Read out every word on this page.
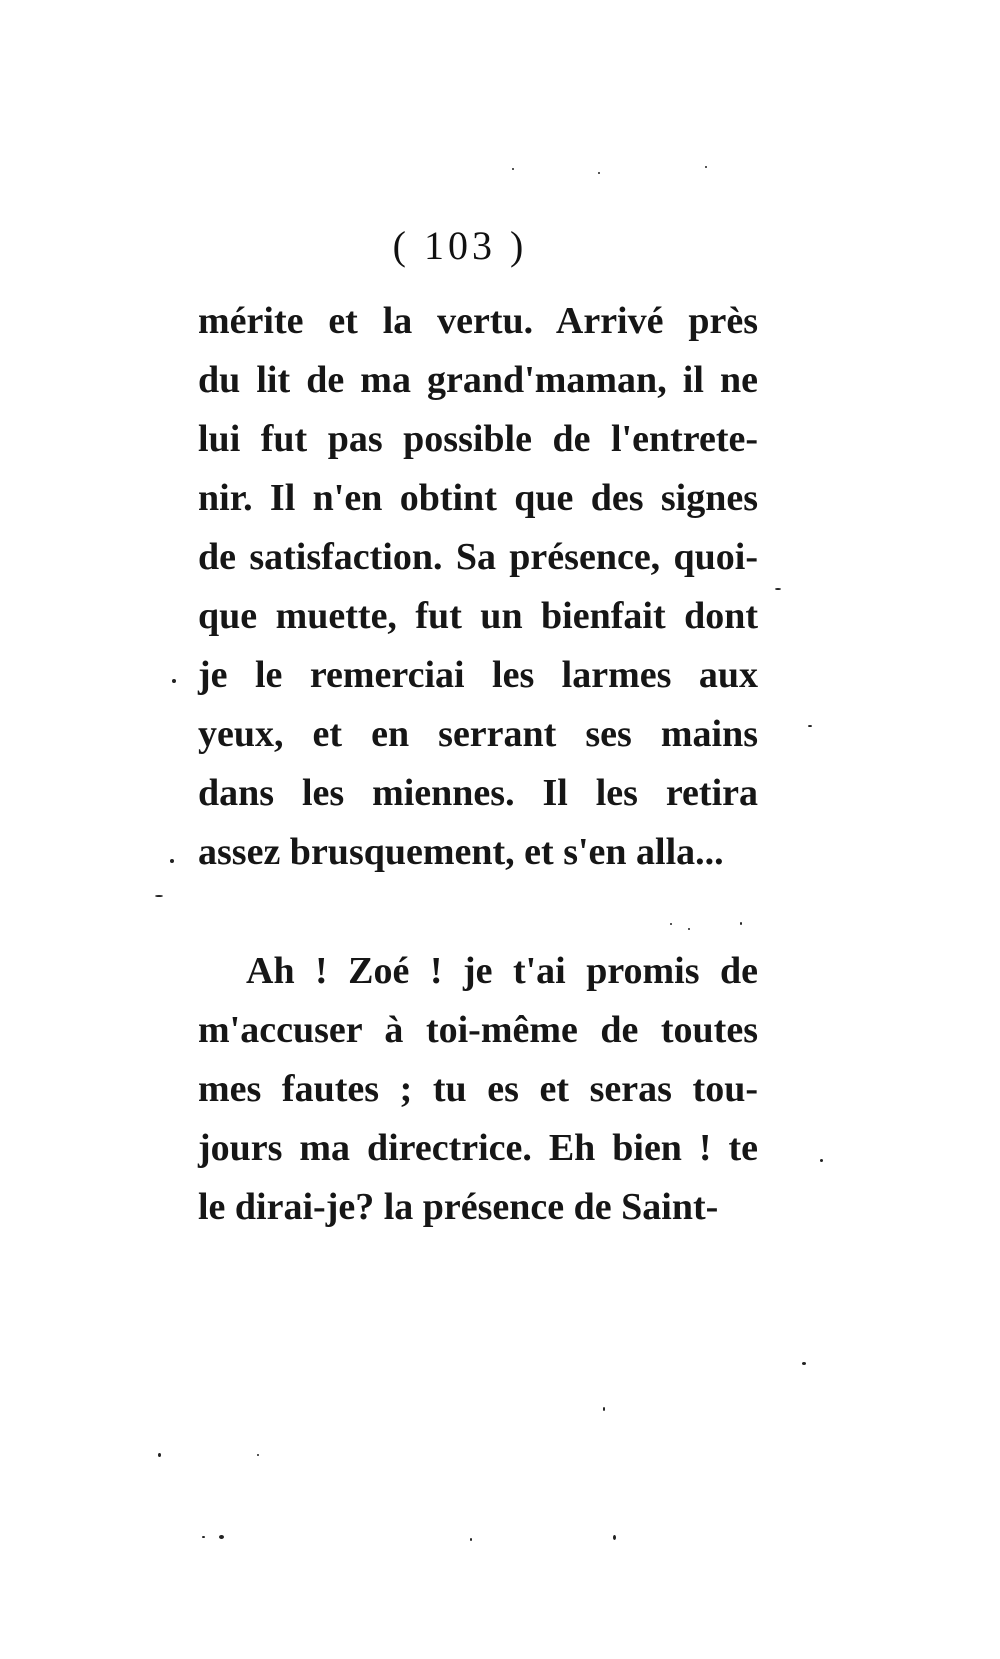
( 103 )
mérite et la vertu. Arrivé près
du lit de ma grand'maman, il ne
lui fut pas possible de l'entrete-
nir. Il n'en obtint que des signes
de satisfaction. Sa présence, quoi-
que muette, fut un bienfait dont
je le remerciai les larmes aux
yeux, et en serrant ses mains
dans les miennes. Il les retira
assez brusquement, et s'en alla...
Ah ! Zoé ! je t'ai promis de
m'accuser à toi-même de toutes
mes fautes ; tu es et seras tou-
jours ma directrice. Eh bien ! te
le dirai-je? la présence de Saint-
